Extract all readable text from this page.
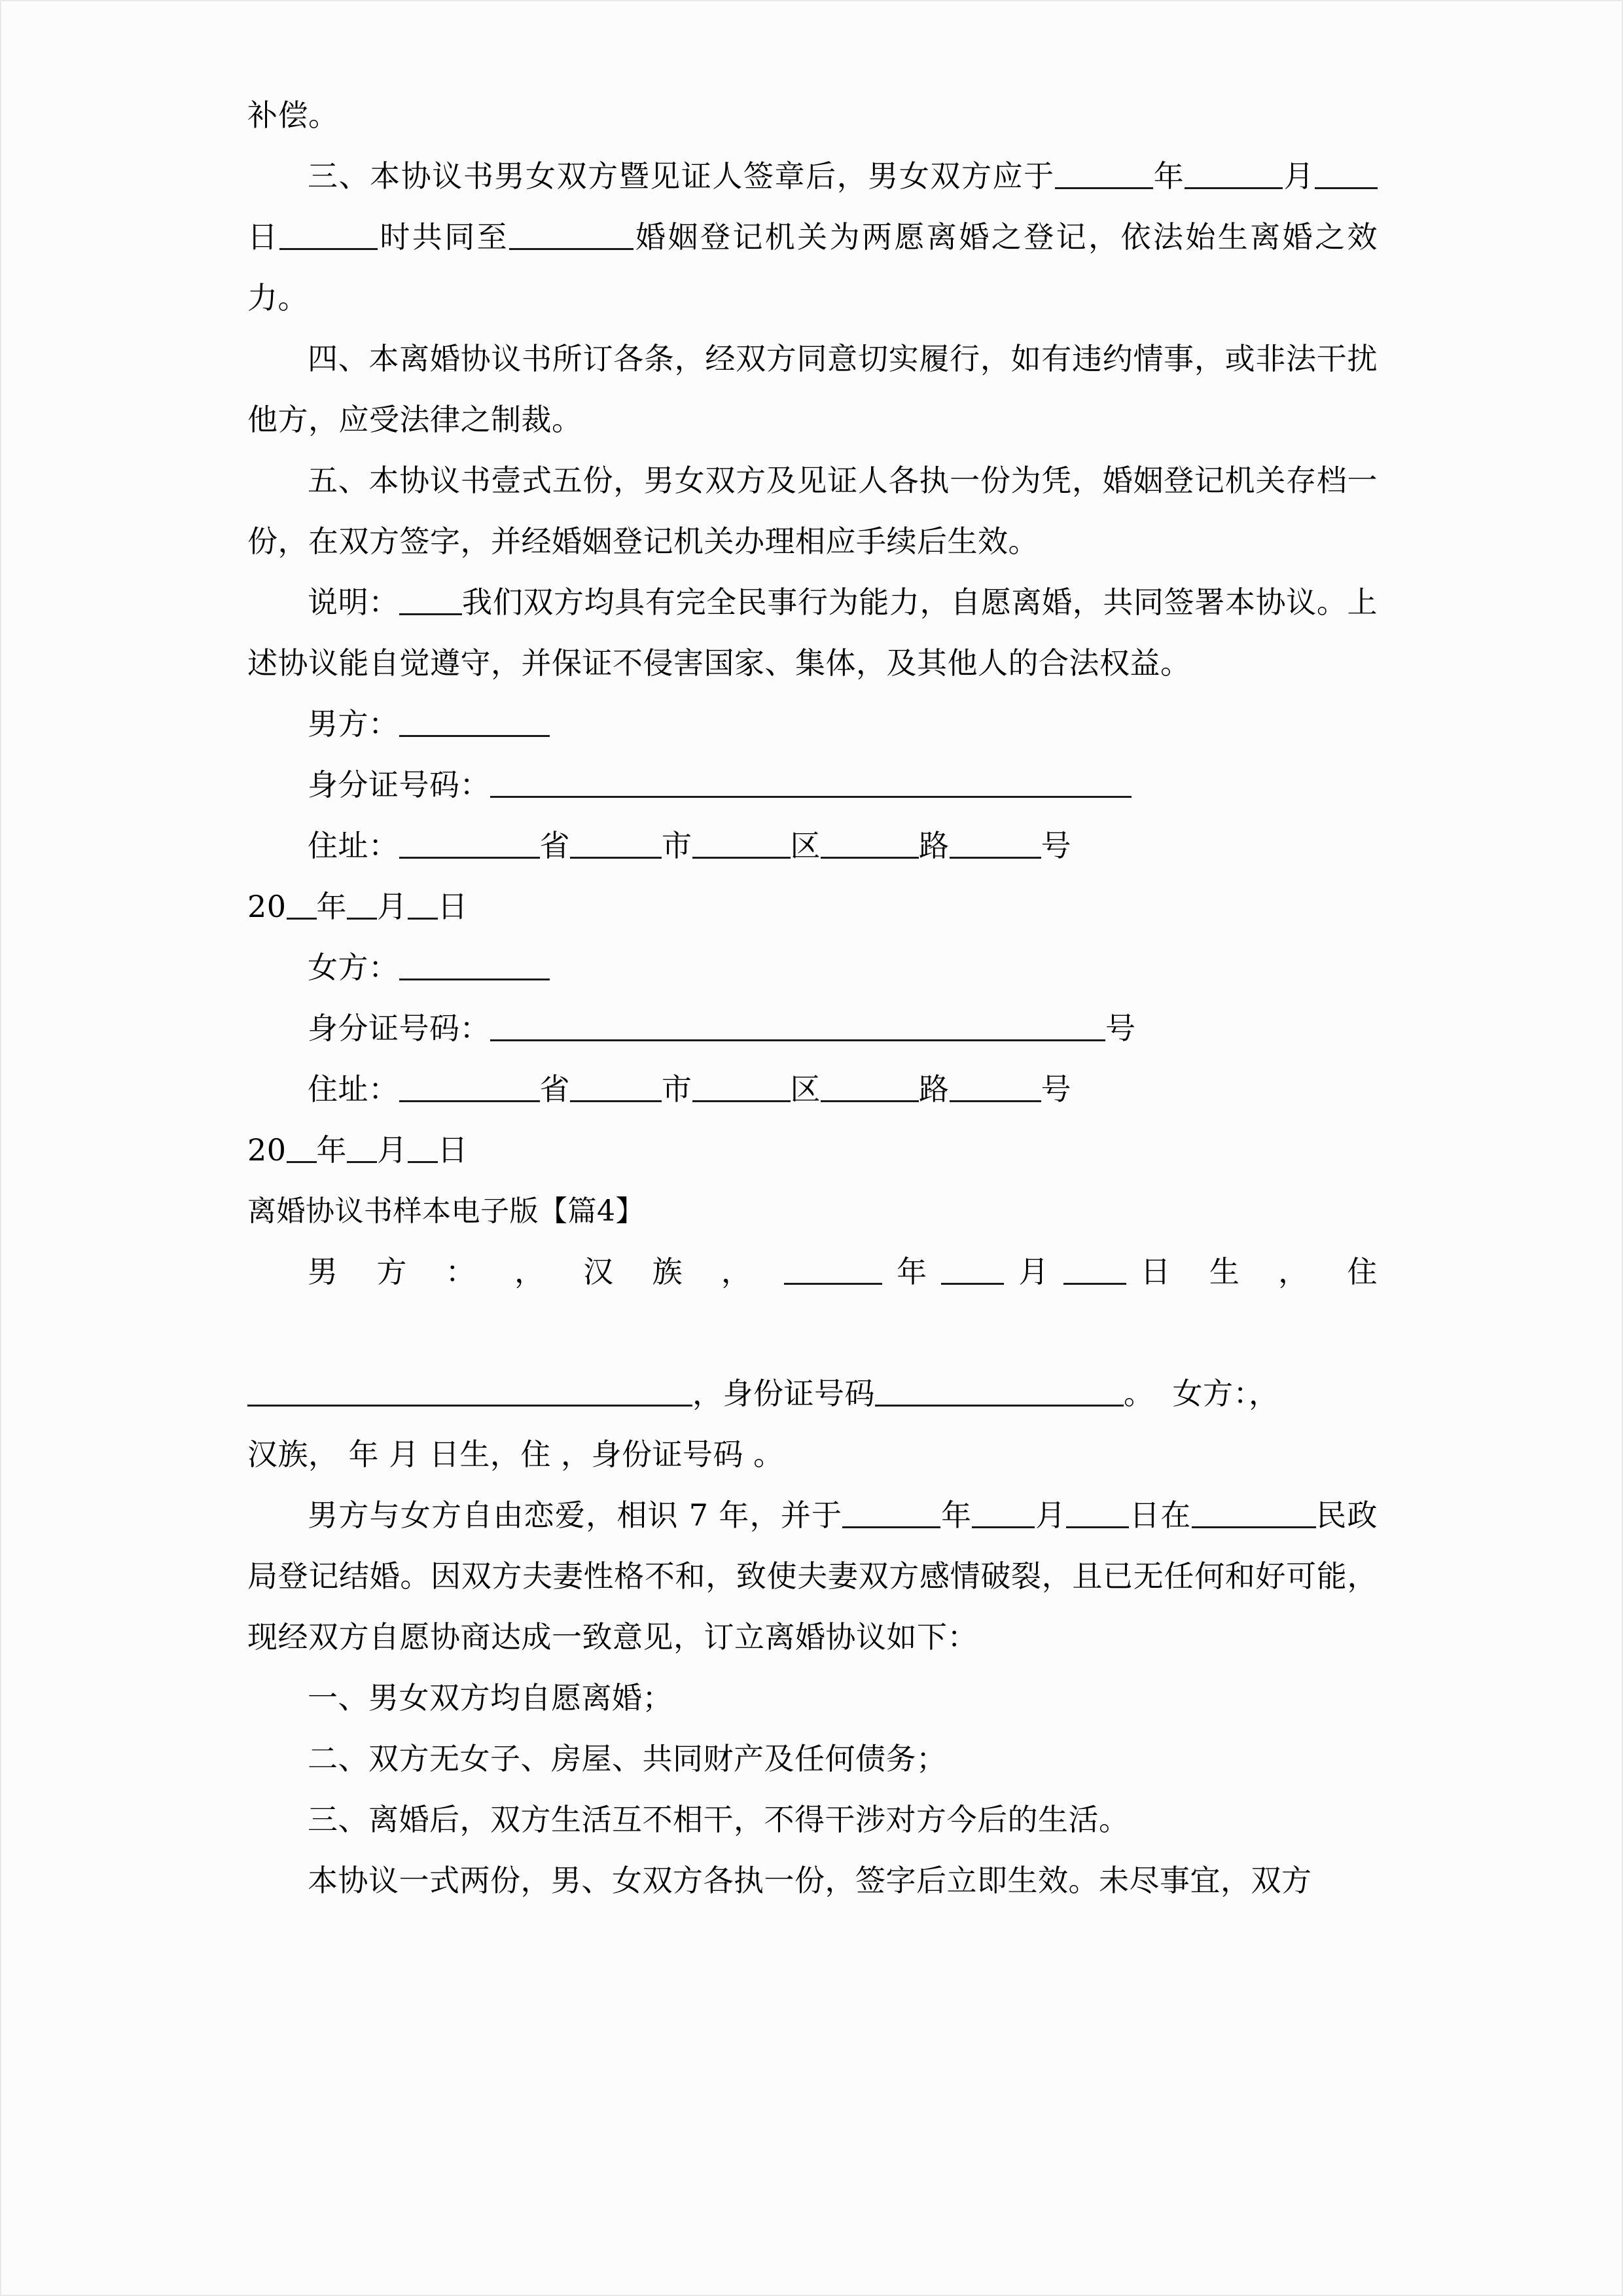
补偿。

三、本协议书男女双方暨见证人签章后，男女双方应于	年	月日	时共同至	婚姻登记机关为两愿离婚之登记，依法始生离婚之效力。

四、本离婚协议书所订各条，经双方同意切实履行，如有违约情事，或非法干扰他方，应受法律之制裁。

五、本协议书壹式五份，男女双方及见证人各执一份为凭，婚姻登记机关存档一份，在双方签字，并经婚姻登记机关办理相应手续后生效。

说明： 我们双方均具有完全民事行为能力，自愿离婚，共同签署本协议。上述协议能自觉遵守，并保证不侵害国家、集体，及其他人的合法权益。

男方：

身分证号码：

住址：	省	市	区	路	号

20 年 月 日

女方：

身分证号码：	号

住址：	省	市	区	路	号

20 年 月 日

离婚协议书样本电子版【篇4】

男 方 ： ， 汉 族 ，	年 月 日 生 ， 住

，身份证号码	。 女方：，

汉族， 年 月 日生，住 ，身份证号码 。

男方与女方自由恋爱，相识 7 年，并于	年 月 日在	民政局登记结婚。因双方夫妻性格不和，致使夫妻双方感情破裂，且已无任何和好可能，现经双方自愿协商达成一致意见，订立离婚协议如下：

一、男女双方均自愿离婚；

二、双方无女子、房屋、共同财产及任何债务；

三、离婚后，双方生活互不相干，不得干涉对方今后的生活。

本协议一式两份，男、女双方各执一份，签字后立即生效。未尽事宜，双方
